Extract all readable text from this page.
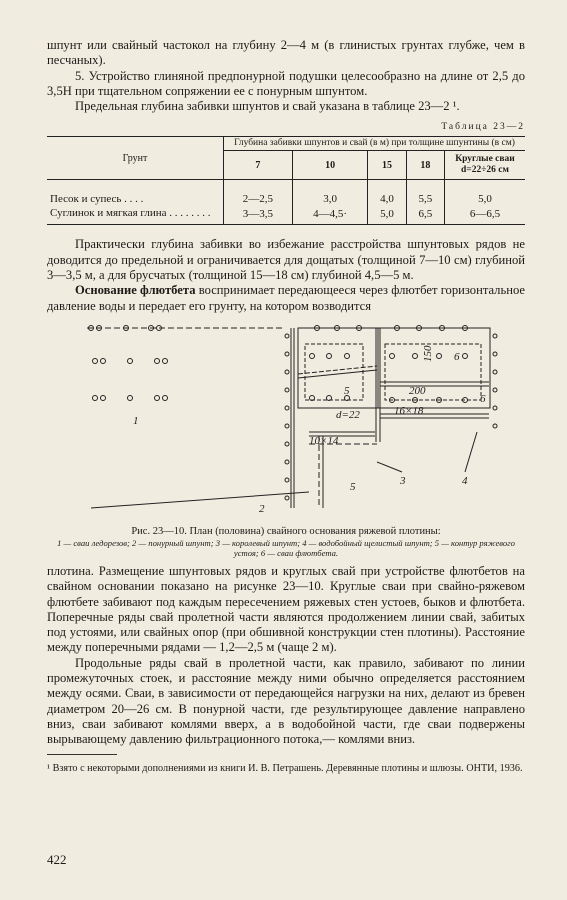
шпунт или свайный частокол на глубину 2—4 м (в глинистых грунтах глубже, чем в песчаных).

5. Устройство глиняной предпонурной подушки целесообразно на длине от 2,5 до 3,5H при тщательном сопряжении ее с понурным шпунтом.

Предельная глубина забивки шпунтов и свай указана в таблице 23—2 ¹.

Таблица 23—2
Грунт	Глубина забивки шпунтов и свай (в м) при толщине шпунтины (в см)				
	7	10	15	18	Круглые сваи d=22÷26 см
Песок и супесь . . . .	2—2,5	3,0	4,0	5,5	5,0
Суглинок и мягкая глина . . . . . . . .	3—3,5	4—4,5·	5,0	6,5	6—6,5

Практически глубина забивки во избежание расстройства шпунтовых рядов не доводится до предельной и ограничивается для дощатых (толщиной 7—10 см) глубиной 3—3,5 м, а для брусчатых (толщиной 15—18 см) глубиной 4,5—5 м.

Основание флютбета воспринимает передающееся через флютбет горизонтальное давление воды и передает его грунту, на котором возводится

1
2
3	4
5
5
6
6
d=22
10×14
16×18
200
150
Рис. 23—10. План (половина) свайного основания ряжевой плотины:
1 — сваи ледорезов; 2 — понурный шпунт; 3 — королевый шпунт; 4 — водобойный щелистый шпунт; 5 — контур ряжевого устоя; 6 — сваи флютбета.

плотина. Размещение шпунтовых рядов и круглых свай при устройстве флютбетов на свайном основании показано на рисунке 23—10. Круглые сваи при свайно-ряжевом флютбете забивают под каждым пересечением ряжевых стен устоев, быков и флютбета. Поперечные ряды свай пролетной части являются продолжением линии свай, забитых под устоями, или свайных опор (при обшивной конструкции стен плотины). Расстояние между поперечными рядами — 1,2—2,5 м (чаще 2 м).

Продольные ряды свай в пролетной части, как правило, забивают по линии промежуточных стоек, и расстояние между ними обычно определяется расстоянием между осями. Сваи, в зависимости от передающейся нагрузки на них, делают из бревен диаметром 20—26 см. В понурной части, где результирующее давление направлено вниз, сваи забивают комлями вверх, а в водобойной части, где сваи подвержены вырывающему давлению фильтрационного потока,— комлями вниз.

¹ Взято с некоторыми дополнениями из книги И. В. Петрашень. Деревянные плотины и шлюзы. ОНТИ, 1936.
422
